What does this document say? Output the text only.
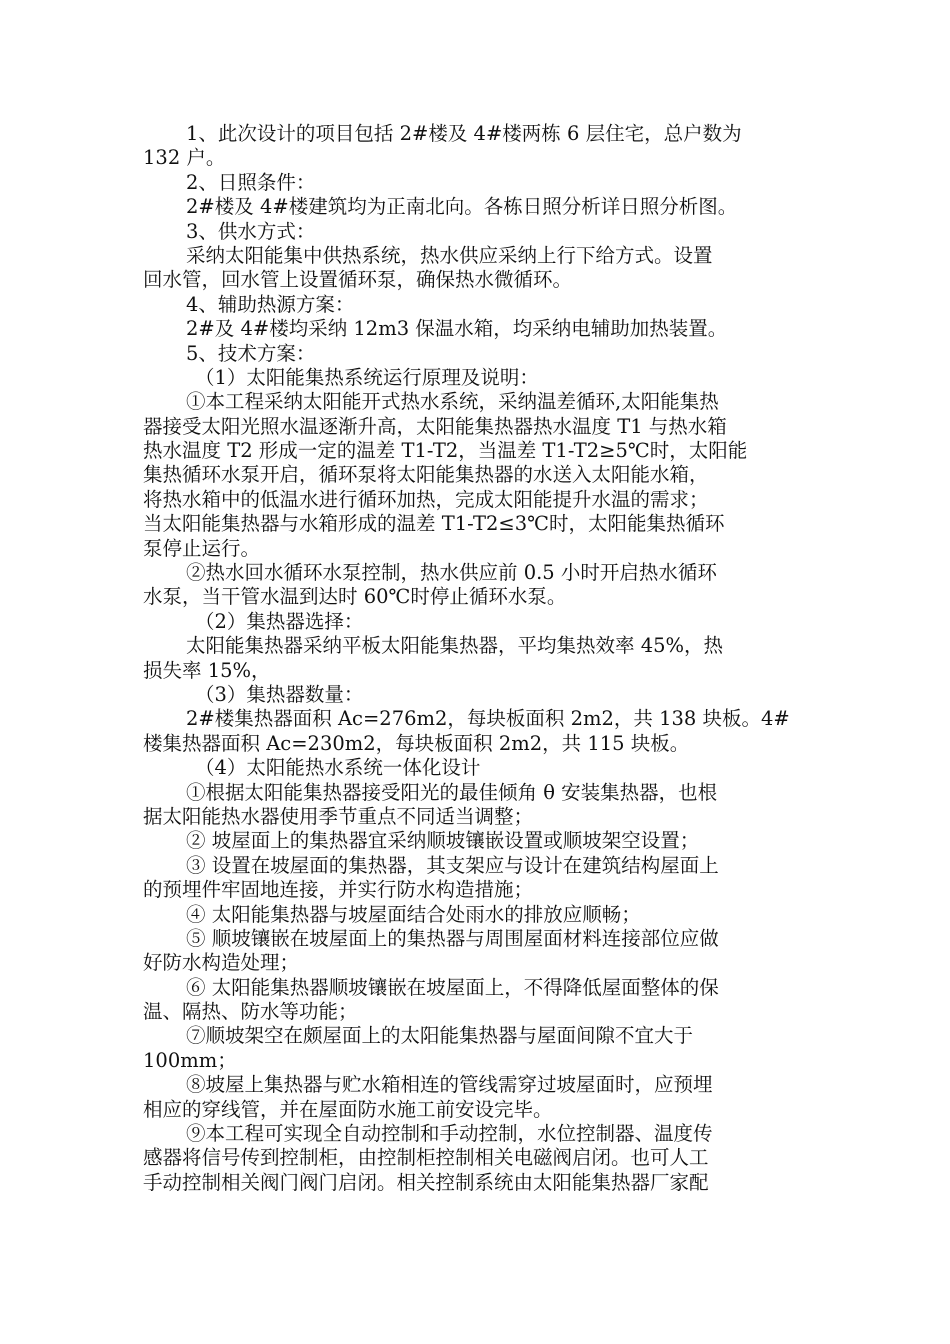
1、此次设计的项目包括 2#楼及 4#楼两栋 6 层住宅，总户数为
132 户。
2、日照条件：
2#楼及 4#楼建筑均为正南北向。各栋日照分析详日照分析图。
3、供水方式：
采纳太阳能集中供热系统，热水供应采纳上行下给方式。设置
回水管，回水管上设置循环泵，确保热水微循环。
4、辅助热源方案：
2#及 4#楼均采纳 12m3 保温水箱，均采纳电辅助加热装置。
5、技术方案：
（1）太阳能集热系统运行原理及说明：
①本工程采纳太阳能开式热水系统，采纳温差循环,太阳能集热
器接受太阳光照水温逐渐升高，太阳能集热器热水温度 T1 与热水箱
热水温度 T2 形成一定的温差 T1-T2，当温差 T1-T2≥5℃时，太阳能
集热循环水泵开启，循环泵将太阳能集热器的水送入太阳能水箱，
将热水箱中的低温水进行循环加热，完成太阳能提升水温的需求；
当太阳能集热器与水箱形成的温差 T1-T2≤3℃时，太阳能集热循环
泵停止运行。
②热水回水循环水泵控制，热水供应前 0.5 小时开启热水循环
水泵，当干管水温到达时 60℃时停止循环水泵。
（2）集热器选择：
太阳能集热器采纳平板太阳能集热器，平均集热效率 45%，热
损失率 15%，
（3）集热器数量：
2#楼集热器面积 Ac=276m2，每块板面积 2m2，共 138 块板。4#
楼集热器面积 Ac=230m2，每块板面积 2m2，共 115 块板。
（4）太阳能热水系统一体化设计
①根据太阳能集热器接受阳光的最佳倾角 θ 安装集热器，也根
据太阳能热水器使用季节重点不同适当调整；
② 坡屋面上的集热器宜采纳顺坡镶嵌设置或顺坡架空设置；
③ 设置在坡屋面的集热器，其支架应与设计在建筑结构屋面上
的预埋件牢固地连接，并实行防水构造措施；
④ 太阳能集热器与坡屋面结合处雨水的排放应顺畅；
⑤ 顺坡镶嵌在坡屋面上的集热器与周围屋面材料连接部位应做
好防水构造处理；
⑥ 太阳能集热器顺坡镶嵌在坡屋面上，不得降低屋面整体的保
温、隔热、防水等功能；
⑦顺坡架空在颇屋面上的太阳能集热器与屋面间隙不宜大于
100mm；
⑧坡屋上集热器与贮水箱相连的管线需穿过坡屋面时，应预埋
相应的穿线管，并在屋面防水施工前安设完毕。
⑨本工程可实现全自动控制和手动控制，水位控制器、温度传
感器将信号传到控制柜，由控制柜控制相关电磁阀启闭。也可人工
手动控制相关阀门阀门启闭。相关控制系统由太阳能集热器厂家配
